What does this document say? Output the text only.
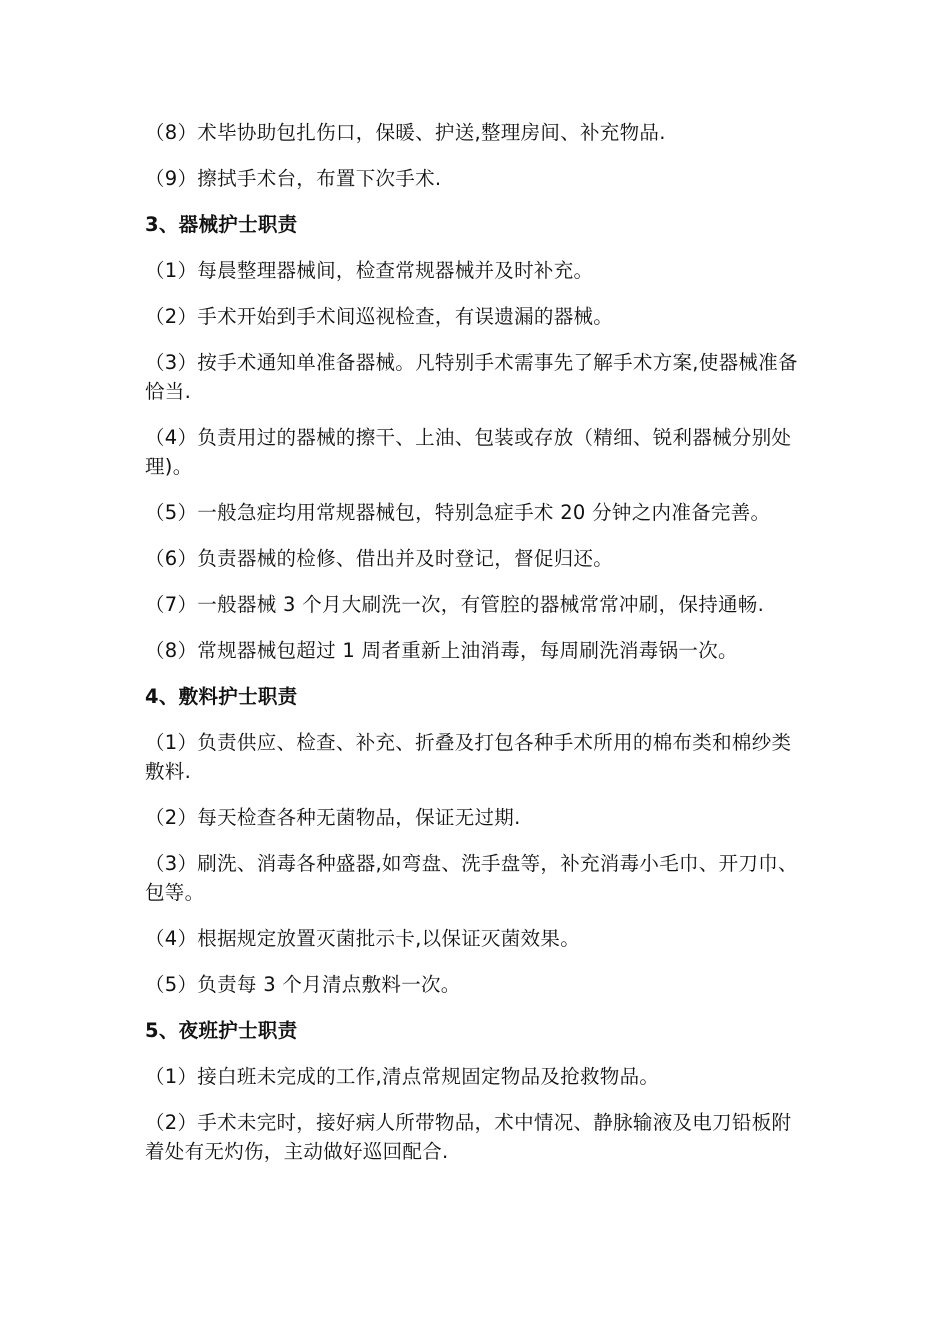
（8）术毕协助包扎伤口，保暖、护送,整理房间、补充物品.

（9）擦拭手术台，布置下次手术.

3、器械护士职责

（1）每晨整理器械间，检查常规器械并及时补充。

（2）手术开始到手术间巡视检查，有误遗漏的器械。

（3）按手术通知单准备器械。凡特别手术需事先了解手术方案,使器械准备恰当.

（4）负责用过的器械的擦干、上油、包装或存放（精细、锐利器械分别处理)。

（5）一般急症均用常规器械包，特别急症手术 20 分钟之内准备完善。

（6）负责器械的检修、借出并及时登记，督促归还。

（7）一般器械 3 个月大刷洗一次，有管腔的器械常常冲刷，保持通畅.

（8）常规器械包超过 1 周者重新上油消毒，每周刷洗消毒锅一次。

4、敷料护士职责

（1）负责供应、检查、补充、折叠及打包各种手术所用的棉布类和棉纱类敷料.

（2）每天检查各种无菌物品，保证无过期.

（3）刷洗、消毒各种盛器,如弯盘、洗手盘等，补充消毒小毛巾、开刀巾、包等。

（4）根据规定放置灭菌批示卡,以保证灭菌效果。

（5）负责每 3 个月清点敷料一次。

5、夜班护士职责

（1）接白班未完成的工作,清点常规固定物品及抢救物品。

（2）手术未完时，接好病人所带物品，术中情况、静脉输液及电刀铅板附着处有无灼伤，主动做好巡回配合.
